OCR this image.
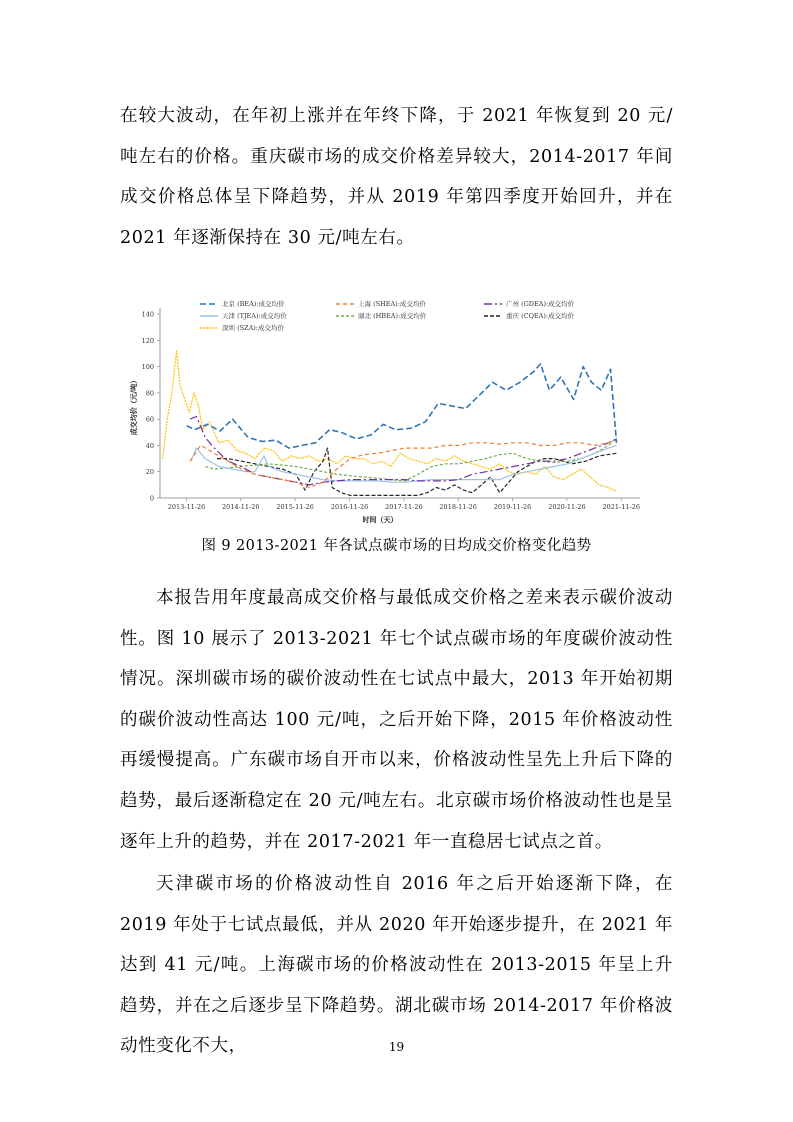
在较大波动，在年初上涨并在年终下降，于 2021 年恢复到 20 元/吨左右的价格。重庆碳市场的成交价格差异较大，2014-2017 年间成交价格总体呈下降趋势，并从 2019 年第四季度开始回升，并在 2021 年逐渐保持在 30 元/吨左右。

北京 (BEA):成交均价	上海 (SHEA):成交均价	广州 (GDEA):成交均价
天津 (TJEA):成交均价	湖北 (HBEA):成交均价	重庆 (CQEA):成交均价
深圳 (SZA):成交均价
0
20
40
60
80
100
120
140
2013-11-26	2014-11-26	2015-11-26	2016-11-26	2017-11-26	2018-11-26	2019-11-26	2020-11-26	2021-11-26
时间（天）
成交均价（元/吨）
图 9 2013-2021 年各试点碳市场的日均成交价格变化趋势

本报告用年度最高成交价格与最低成交价格之差来表示碳价波动性。图 10 展示了 2013-2021 年七个试点碳市场的年度碳价波动性情况。深圳碳市场的碳价波动性在七试点中最大，2013 年开始初期的碳价波动性高达 100 元/吨，之后开始下降，2015 年价格波动性再缓慢提高。广东碳市场自开市以来，价格波动性呈先上升后下降的趋势，最后逐渐稳定在 20 元/吨左右。北京碳市场价格波动性也是呈逐年上升的趋势，并在 2017-2021 年一直稳居七试点之首。

天津碳市场的价格波动性自 2016 年之后开始逐渐下降，在 2019 年处于七试点最低，并从 2020 年开始逐步提升，在 2021 年达到 41 元/吨。上海碳市场的价格波动性在 2013-2015 年呈上升趋势，并在之后逐步呈下降趋势。湖北碳市场 2014-2017 年价格波动性变化不大，	19
